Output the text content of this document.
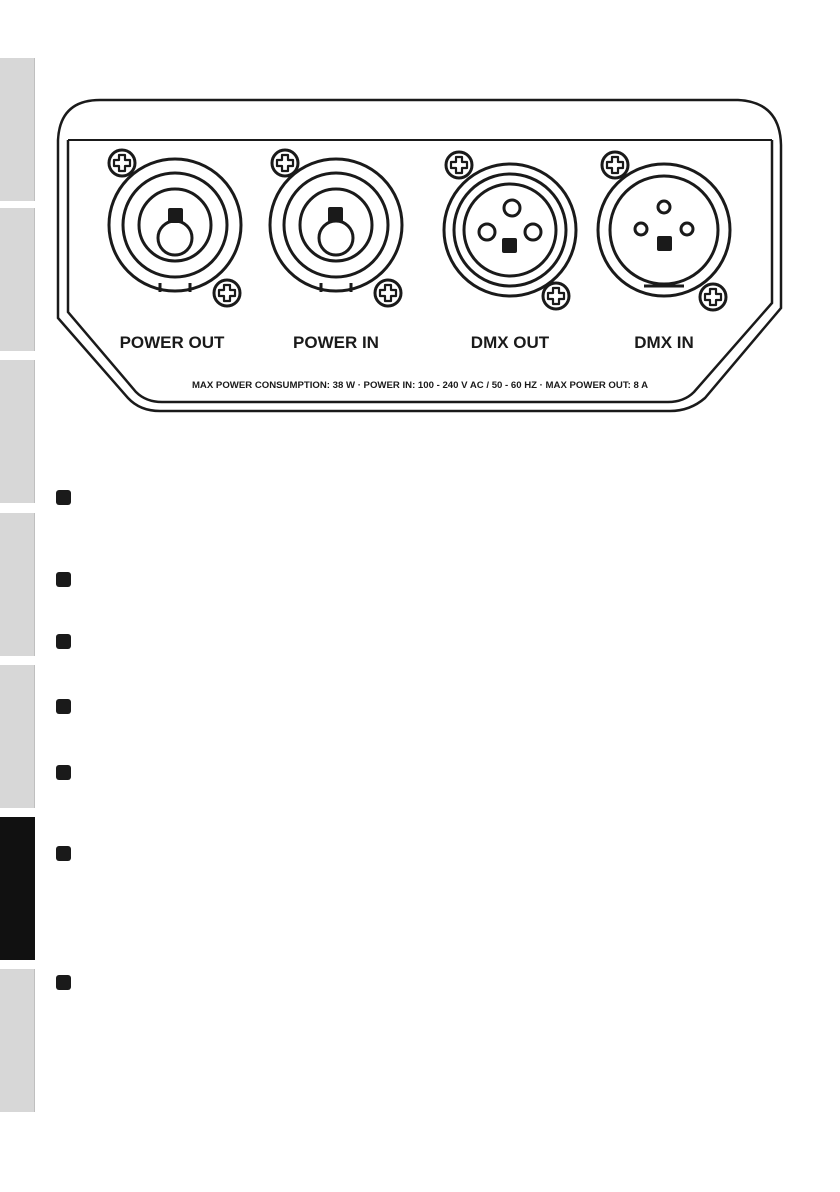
POWER OUT	POWER IN	DMX OUT	DMX IN
MAX POWER CONSUMPTION: 38 W · POWER IN: 100 - 240 V AC / 50 - 60 HZ · MAX POWER OUT: 8 A
